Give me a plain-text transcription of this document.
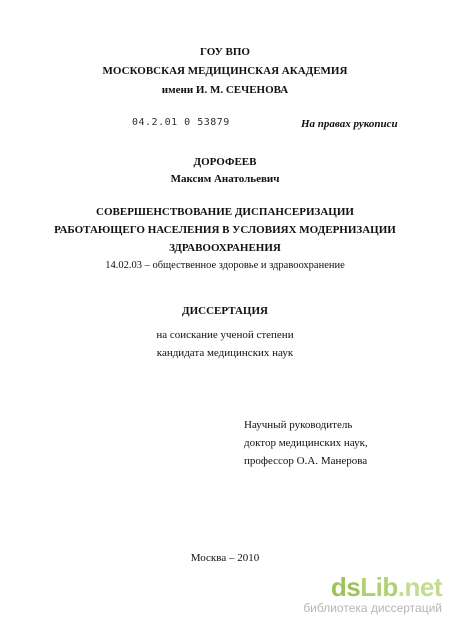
ГОУ ВПО
МОСКОВСКАЯ МЕДИЦИНСКАЯ АКАДЕМИЯ
имени И. М. СЕЧЕНОВА
04.2.01 0 53879	На правах рукописи
ДОРОФЕЕВ
Максим Анатольевич
СОВЕРШЕНСТВОВАНИЕ ДИСПАНСЕРИЗАЦИИ
РАБОТАЮЩЕГО НАСЕЛЕНИЯ В УСЛОВИЯХ МОДЕРНИЗАЦИИ
ЗДРАВООХРАНЕНИЯ
14.02.03 – общественное здоровье и здравоохранение
ДИССЕРТАЦИЯ
на соискание ученой степени
кандидата медицинских наук
Научный руководитель
доктор медицинских наук,
профессор О.А. Манерова
Москва – 2010
dsLib.net
библиотека диссертаций
